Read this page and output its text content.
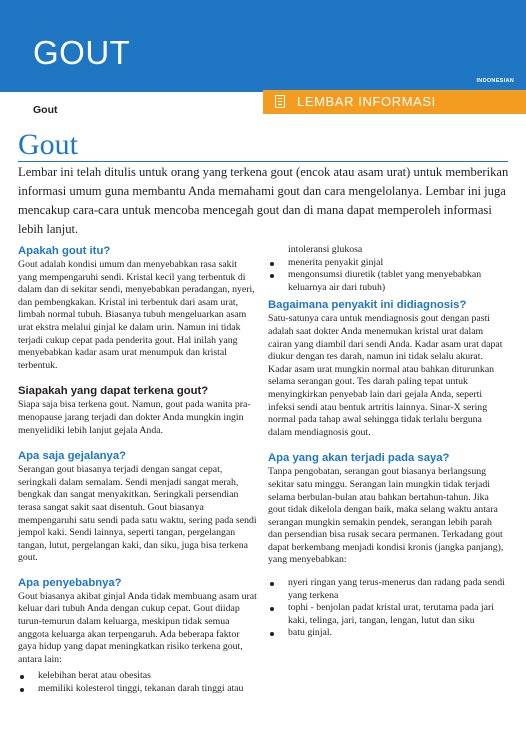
GOUT
INDONESIAN
Gout
LEMBAR INFORMASI
Gout

Lembar ini telah ditulis untuk orang yang terkena gout (encok atau asam urat) untuk memberikan informasi umum guna membantu Anda memahami gout dan cara mengelolanya. Lembar ini juga mencakup cara-cara untuk mencoba mencegah gout dan di mana dapat memperoleh informasi lebih lanjut.

Apakah gout itu?

Gout adalah kondisi umum dan menyebabkan rasa sakit yang mempengaruhi sendi. Kristal kecil yang terbentuk di dalam dan di sekitar sendi, menyebabkan peradangan, nyeri, dan pembengkakan. Kristal ini terbentuk dari asam urat, limbah normal tubuh. Biasanya tubuh mengeluarkan asam urat ekstra melalui ginjal ke dalam urin. Namun ini tidak terjadi cukup cepat pada penderita gout. Hal inilah yang menyebabkan kadar asam urat menumpuk dan kristal terbentuk.

Siapakah yang dapat terkena gout?

Siapa saja bisa terkena gout. Namun, gout pada wanita pra-menopause jarang terjadi dan dokter Anda mungkin ingin menyelidiki lebih lanjut gejala Anda.

Apa saja gejalanya?

Serangan gout biasanya terjadi dengan sangat cepat, seringkali dalam semalam. Sendi menjadi sangat merah, bengkak dan sangat menyakitkan. Seringkali persendian terasa sangat sakit saat disentuh. Gout biasanya mempengaruhi satu sendi pada satu waktu, sering pada sendi jempol kaki. Sendi lainnya, seperti tangan, pergelangan tangan, lutut, pergelangan kaki, dan siku, juga bisa terkena gout.

Apa penyebabnya?

Gout biasanya akibat ginjal Anda tidak membuang asam urat keluar dari tubuh Anda dengan cukup cepat. Gout diidap turun-temurun dalam keluarga, meskipun tidak semua anggota keluarga akan terpengaruh. Ada beberapa faktor gaya hidup yang dapat meningkatkan risiko terkena gout, antara lain:

kelebihan berat atau obesitas
memiliki kolesterol tinggi, tekanan darah tinggi atau
intoleransi glukosa
menerita penyakit ginjal
mengonsumsi diuretik (tablet yang menyebabkan keluarnya air dari tubuh)
Bagaimana penyakit ini didiagnosis?

Satu-satunya cara untuk mendiagnosis gout dengan pasti adalah saat dokter Anda menemukan kristal urat dalam cairan yang diambil dari sendi Anda. Kadar asam urat dapat diukur dengan tes darah, namun ini tidak selalu akurat. Kadar asam urat mungkin normal atau bahkan diturunkan selama serangan gout. Tes darah paling tepat untuk menyingkirkan penyebab lain dari gejala Anda, seperti infeksi sendi atau bentuk artritis lainnya. Sinar-X sering normal pada tahap awal sehingga tidak terlalu berguna dalam mendiagnosis gout.

Apa yang akan terjadi pada saya?

Tanpa pengobatan, serangan gout biasanya berlangsung sekitar satu minggu. Serangan lain mungkin tidak terjadi selama berbulan-bulan atau bahkan bertahun-tahun. Jika gout tidak dikelola dengan baik, maka selang waktu antara serangan mungkin semakin pendek, serangan lebih parah dan persendian bisa rusak secara permanen. Terkadang gout dapat berkembang menjadi kondisi kronis (jangka panjang), yang menyebabkan:

nyeri ringan yang terus-menerus dan radang pada sendi yang terkena
tophi - benjolan padat kristal urat, terutama pada jari kaki, telinga, jari, tangan, lengan, lutut dan siku
batu ginjal.
